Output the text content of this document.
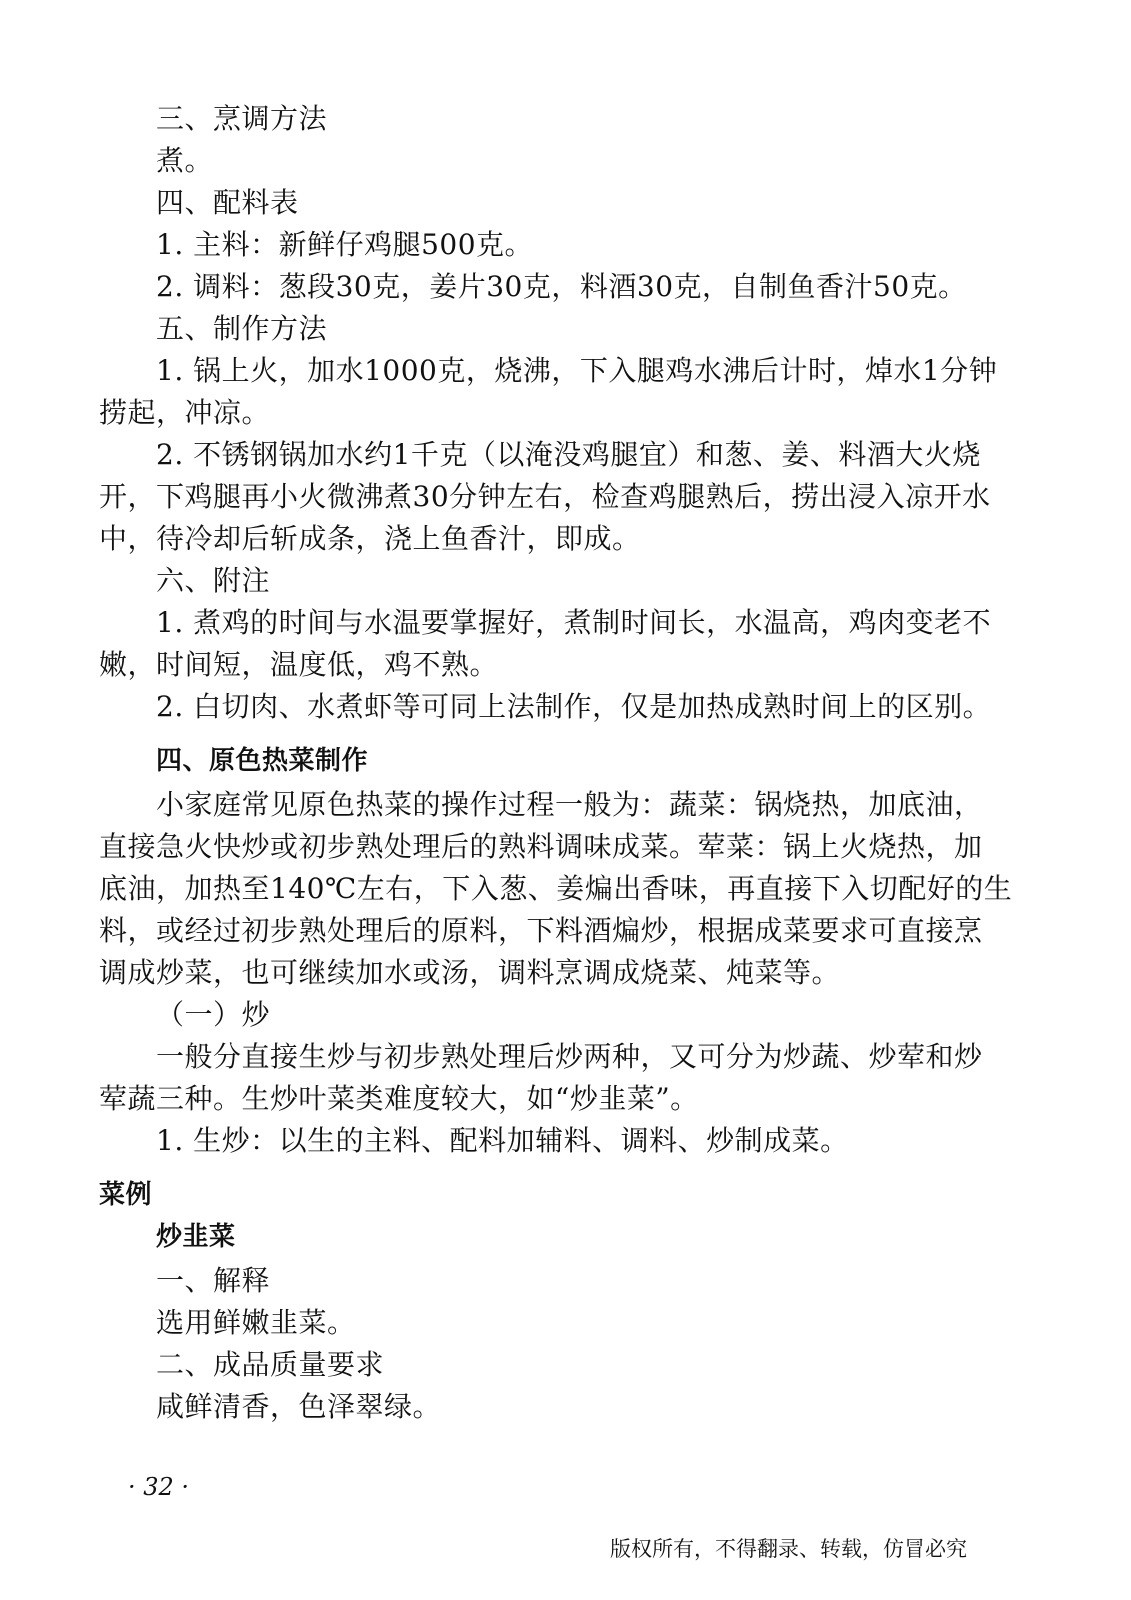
三、烹调方法
煮。
四、配料表
1. 主料：新鲜仔鸡腿500克。
2. 调料：葱段30克，姜片30克，料酒30克，自制鱼香汁50克。
五、制作方法
1. 锅上火，加水1000克，烧沸，下入腿鸡水沸后计时，焯水1分钟
捞起，冲凉。
2. 不锈钢锅加水约1千克（以淹没鸡腿宜）和葱、姜、料酒大火烧
开，下鸡腿再小火微沸煮30分钟左右，检查鸡腿熟后，捞出浸入凉开水
中，待冷却后斩成条，浇上鱼香汁，即成。
六、附注
1. 煮鸡的时间与水温要掌握好，煮制时间长，水温高，鸡肉变老不
嫩，时间短，温度低，鸡不熟。
2. 白切肉、水煮虾等可同上法制作，仅是加热成熟时间上的区别。
四、原色热菜制作
小家庭常见原色热菜的操作过程一般为：蔬菜：锅烧热，加底油，
直接急火快炒或初步熟处理后的熟料调味成菜。荤菜：锅上火烧热，加
底油，加热至140℃左右，下入葱、姜煸出香味，再直接下入切配好的生
料，或经过初步熟处理后的原料，下料酒煸炒，根据成菜要求可直接烹
调成炒菜，也可继续加水或汤，调料烹调成烧菜、炖菜等。
（一）炒
一般分直接生炒与初步熟处理后炒两种，又可分为炒蔬、炒荤和炒
荤蔬三种。生炒叶菜类难度较大，如“炒韭菜”。
1. 生炒：以生的主料、配料加辅料、调料、炒制成菜。
菜例
炒韭菜
一、解释
选用鲜嫩韭菜。
二、成品质量要求
咸鲜清香，色泽翠绿。
· 32 ·
版权所有，不得翻录、转载，仿冒必究
